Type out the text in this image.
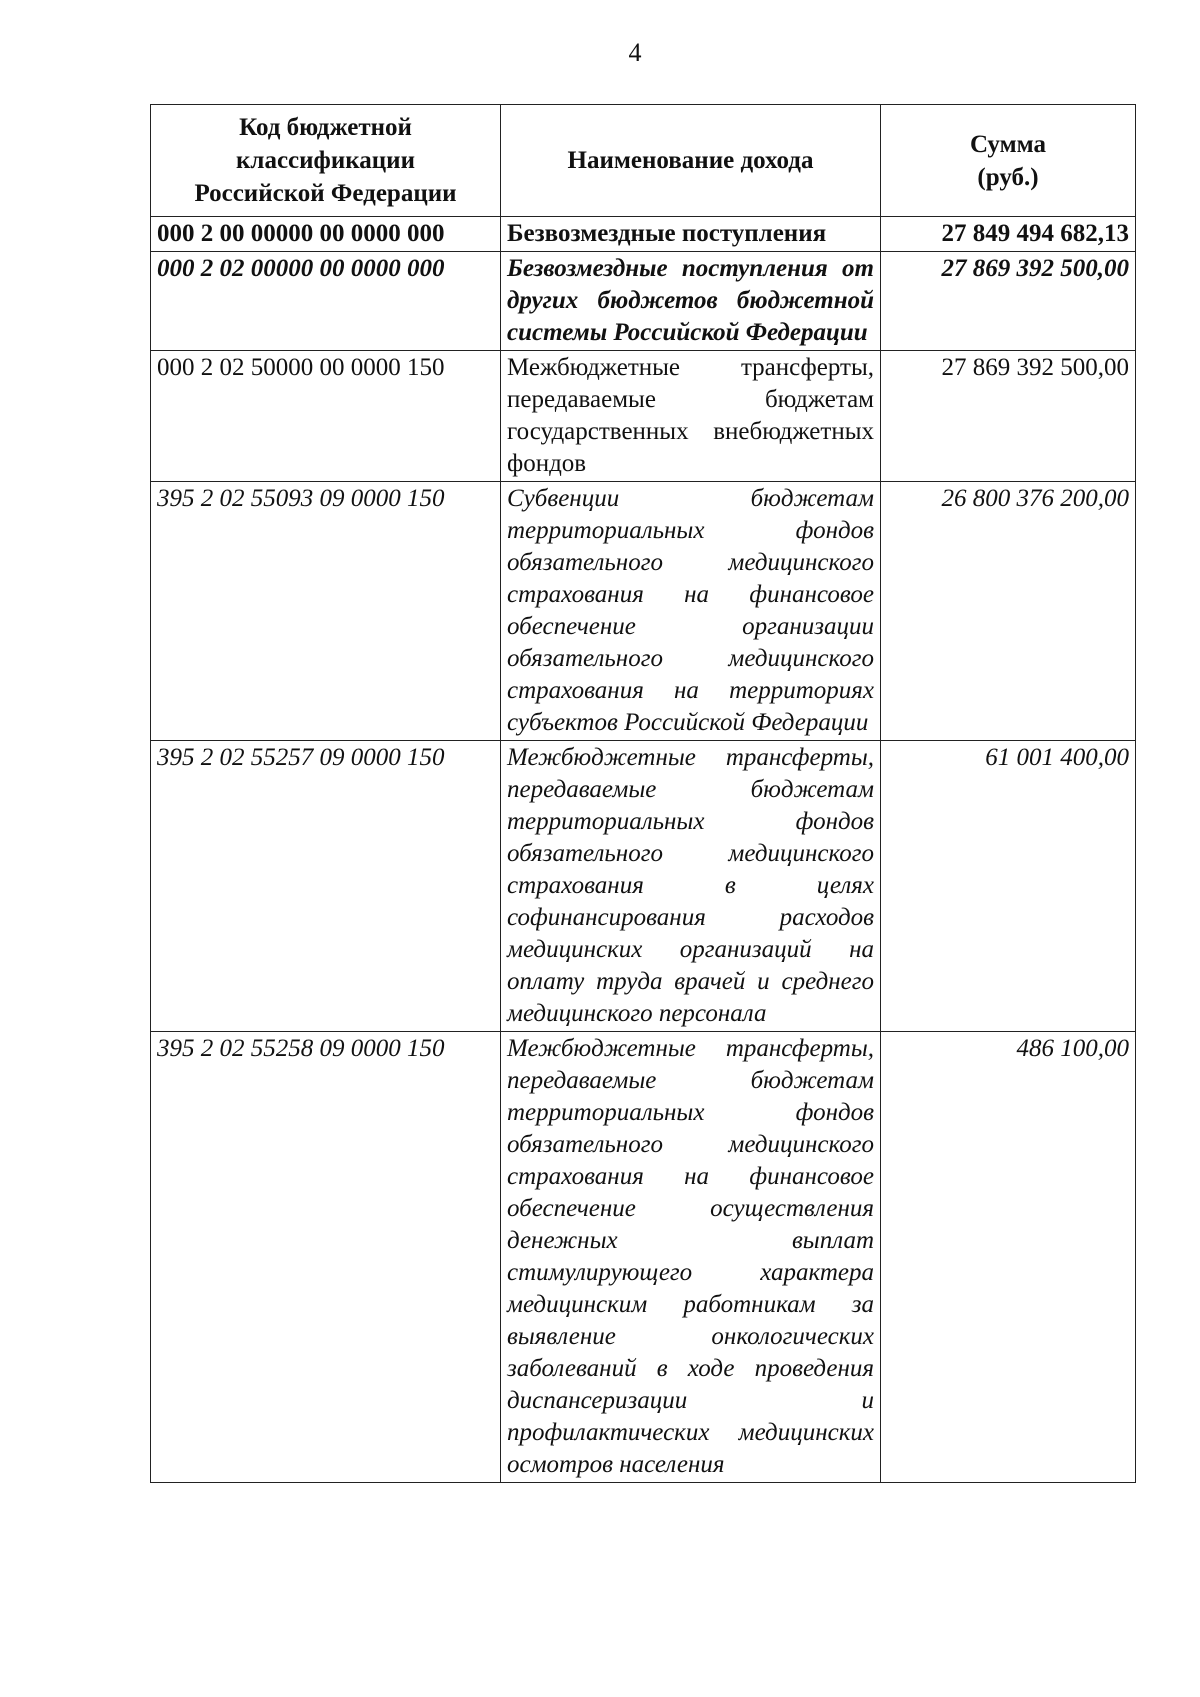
4
Код бюджетной классификации Российской Федерации	Наименование дохода	Сумма (руб.)
000 2 00 00000 00 0000 000	Безвозмездные поступления	27 849 494 682,13
000 2 02 00000 00 0000 000	Безвозмездные поступления от других бюджетов бюджетной системы Российской Федерации	27 869 392 500,00
000 2 02 50000 00 0000 150	Межбюджетные трансферты, передаваемые бюджетам государственных внебюджетных фондов	27 869 392 500,00
395 2 02 55093 09 0000 150	Субвенции бюджетам территориальных фондов обязательного медицинского страхования на финансовое обеспечение организации обязательного медицинского страхования на территориях субъектов Российской Федерации	26 800 376 200,00
395 2 02 55257 09 0000 150	Межбюджетные трансферты, передаваемые бюджетам территориальных фондов обязательного медицинского страхования в целях софинансирования расходов медицинских организаций на оплату труда врачей и среднего медицинского персонала	61 001 400,00
395 2 02 55258 09 0000 150	Межбюджетные трансферты, передаваемые бюджетам территориальных фондов обязательного медицинского страхования на финансовое обеспечение осуществления денежных выплат стимулирующего характера медицинским работникам за выявление онкологических заболеваний в ходе проведения диспансеризации и профилактических медицинских осмотров населения	486 100,00
